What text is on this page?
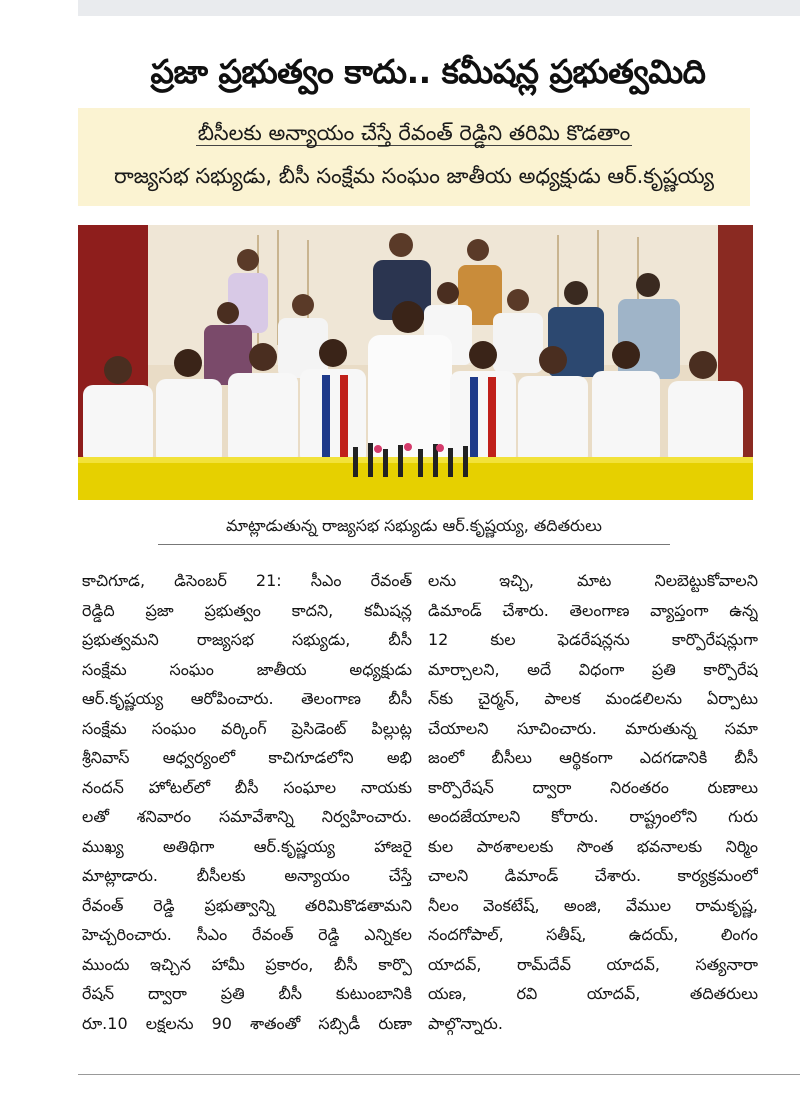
ప్రజా ప్రభుత్వం కాదు.. కమీషన్ల ప్రభుత్వమిది
బీసీలకు అన్యాయం చేస్తే రేవంత్ రెడ్డిని తరిమి కొడతాం
రాజ్యసభ సభ్యుడు, బీసీ సంక్షేమ సంఘం జాతీయ అధ్యక్షుడు ఆర్.కృష్ణయ్య
మాట్లాడుతున్న రాజ్యసభ సభ్యుడు ఆర్.కృష్ణయ్య, తదితరులు
కాచిగూడ, డిసెంబర్ 21: సీఎం రేవంత్
రెడ్డిది ప్రజా ప్రభుత్వం కాదని, కమీషన్ల
ప్రభుత్వమని రాజ్యసభ సభ్యుడు, బీసీ
సంక్షేమ సంఘం జాతీయ అధ్యక్షుడు
ఆర్.కృష్ణయ్య ఆరోపించారు. తెలంగాణ బీసీ
సంక్షేమ సంఘం వర్కింగ్ ప్రెసిడెంట్ పిల్లుట్ల
శ్రీనివాస్ ఆధ్వర్యంలో కాచిగూడలోని అభి
నందన్ హోటల్‌లో బీసీ సంఘాల నాయకు
లతో శనివారం సమావేశాన్ని నిర్వహించారు.
ముఖ్య అతిథిగా ఆర్.కృష్ణయ్య హాజరై
మాట్లాడారు. బీసీలకు అన్యాయం చేస్తే
రేవంత్ రెడ్డి ప్రభుత్వాన్ని తరిమికొడతామని
హెచ్చరించారు. సీఎం రేవంత్ రెడ్డి ఎన్నికల
ముందు ఇచ్చిన హామీ ప్రకారం, బీసీ కార్పొ
రేషన్ ద్వారా ప్రతి బీసీ కుటుంబానికి
రూ.10 లక్షలను 90 శాతంతో సబ్సిడీ రుణా
లను ఇచ్చి, మాట నిలబెట్టుకోవాలని
డిమాండ్ చేశారు. తెలంగాణ వ్యాప్తంగా ఉన్న
12 కుల ఫెడరేషన్లను కార్పొరేషన్లుగా
మార్చాలని, అదే విధంగా ప్రతి కార్పొరేష
న్‌కు చైర్మన్, పాలక మండలిలను ఏర్పాటు
చేయాలని సూచించారు. మారుతున్న సమా
జంలో బీసీలు ఆర్థికంగా ఎదగడానికి బీసీ
కార్పొరేషన్ ద్వారా నిరంతరం రుణాలు
అందజేయాలని కోరారు. రాష్ట్రంలోని గురు
కుల పాఠశాలలకు సొంత భవనాలకు నిర్మిం
చాలని డిమాండ్ చేశారు. కార్యక్రమంలో
నీలం వెంకటేష్, అంజి, వేముల రామకృష్ణ,
నందగోపాల్, సతీష్, ఉదయ్, లింగం
యాదవ్, రామ్‌దేవ్ యాదవ్, సత్యనారా
యణ, రవి యాదవ్, తదితరులు
పాల్గొన్నారు.
